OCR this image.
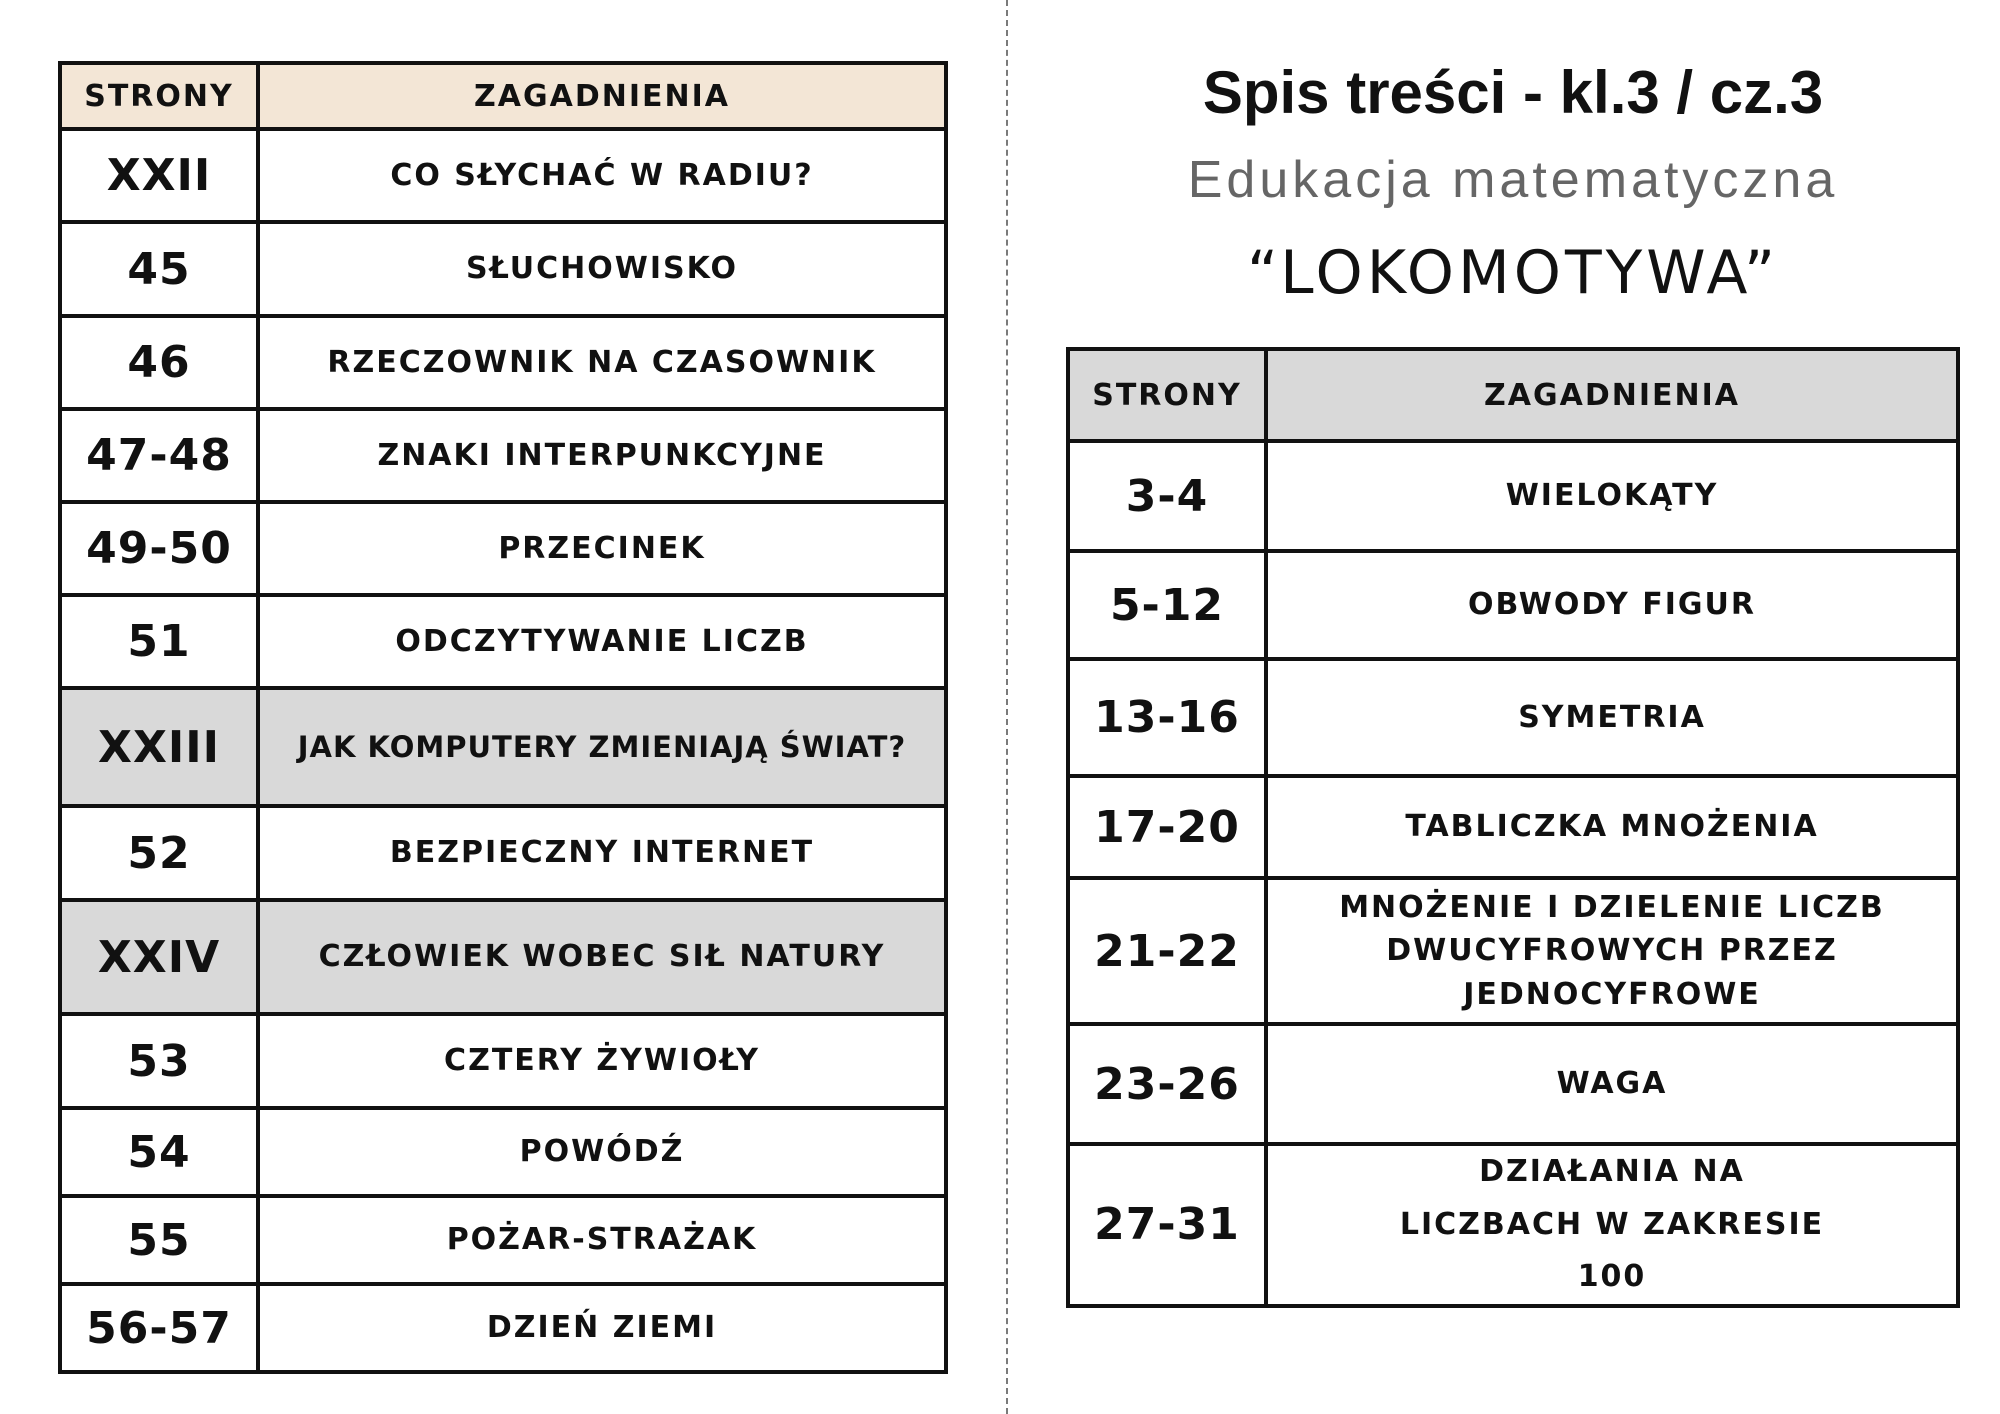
STRONY	ZAGADNIENIA
XXII	CO SŁYCHAĆ W RADIU?
45	SŁUCHOWISKO
46	RZECZOWNIK NA CZASOWNIK
47-48	ZNAKI INTERPUNKCYJNE
49-50	PRZECINEK
51	ODCZYTYWANIE LICZB
XXIII	JAK KOMPUTERY ZMIENIAJĄ ŚWIAT?
52	BEZPIECZNY INTERNET
XXIV	CZŁOWIEK WOBEC SIŁ NATURY
53	CZTERY ŻYWIOŁY
54	POWÓDŹ
55	POŻAR-STRAŻAK
56-57	DZIEŃ ZIEMI
Spis treści - kl.3 / cz.3
Edukacja matematyczna
“LOKOMOTYWA”
STRONY	ZAGADNIENIA
3-4	WIELOKĄTY
5-12	OBWODY FIGUR
13-16	SYMETRIA
17-20	TABLICZKA MNOŻENIA
21-22	MNOŻENIE I DZIELENIE LICZB DWUCYFROWYCH PRZEZ JEDNOCYFROWE
23-26	WAGA
27-31	DZIAŁANIA NA LICZBACH W ZAKRESIE 100
